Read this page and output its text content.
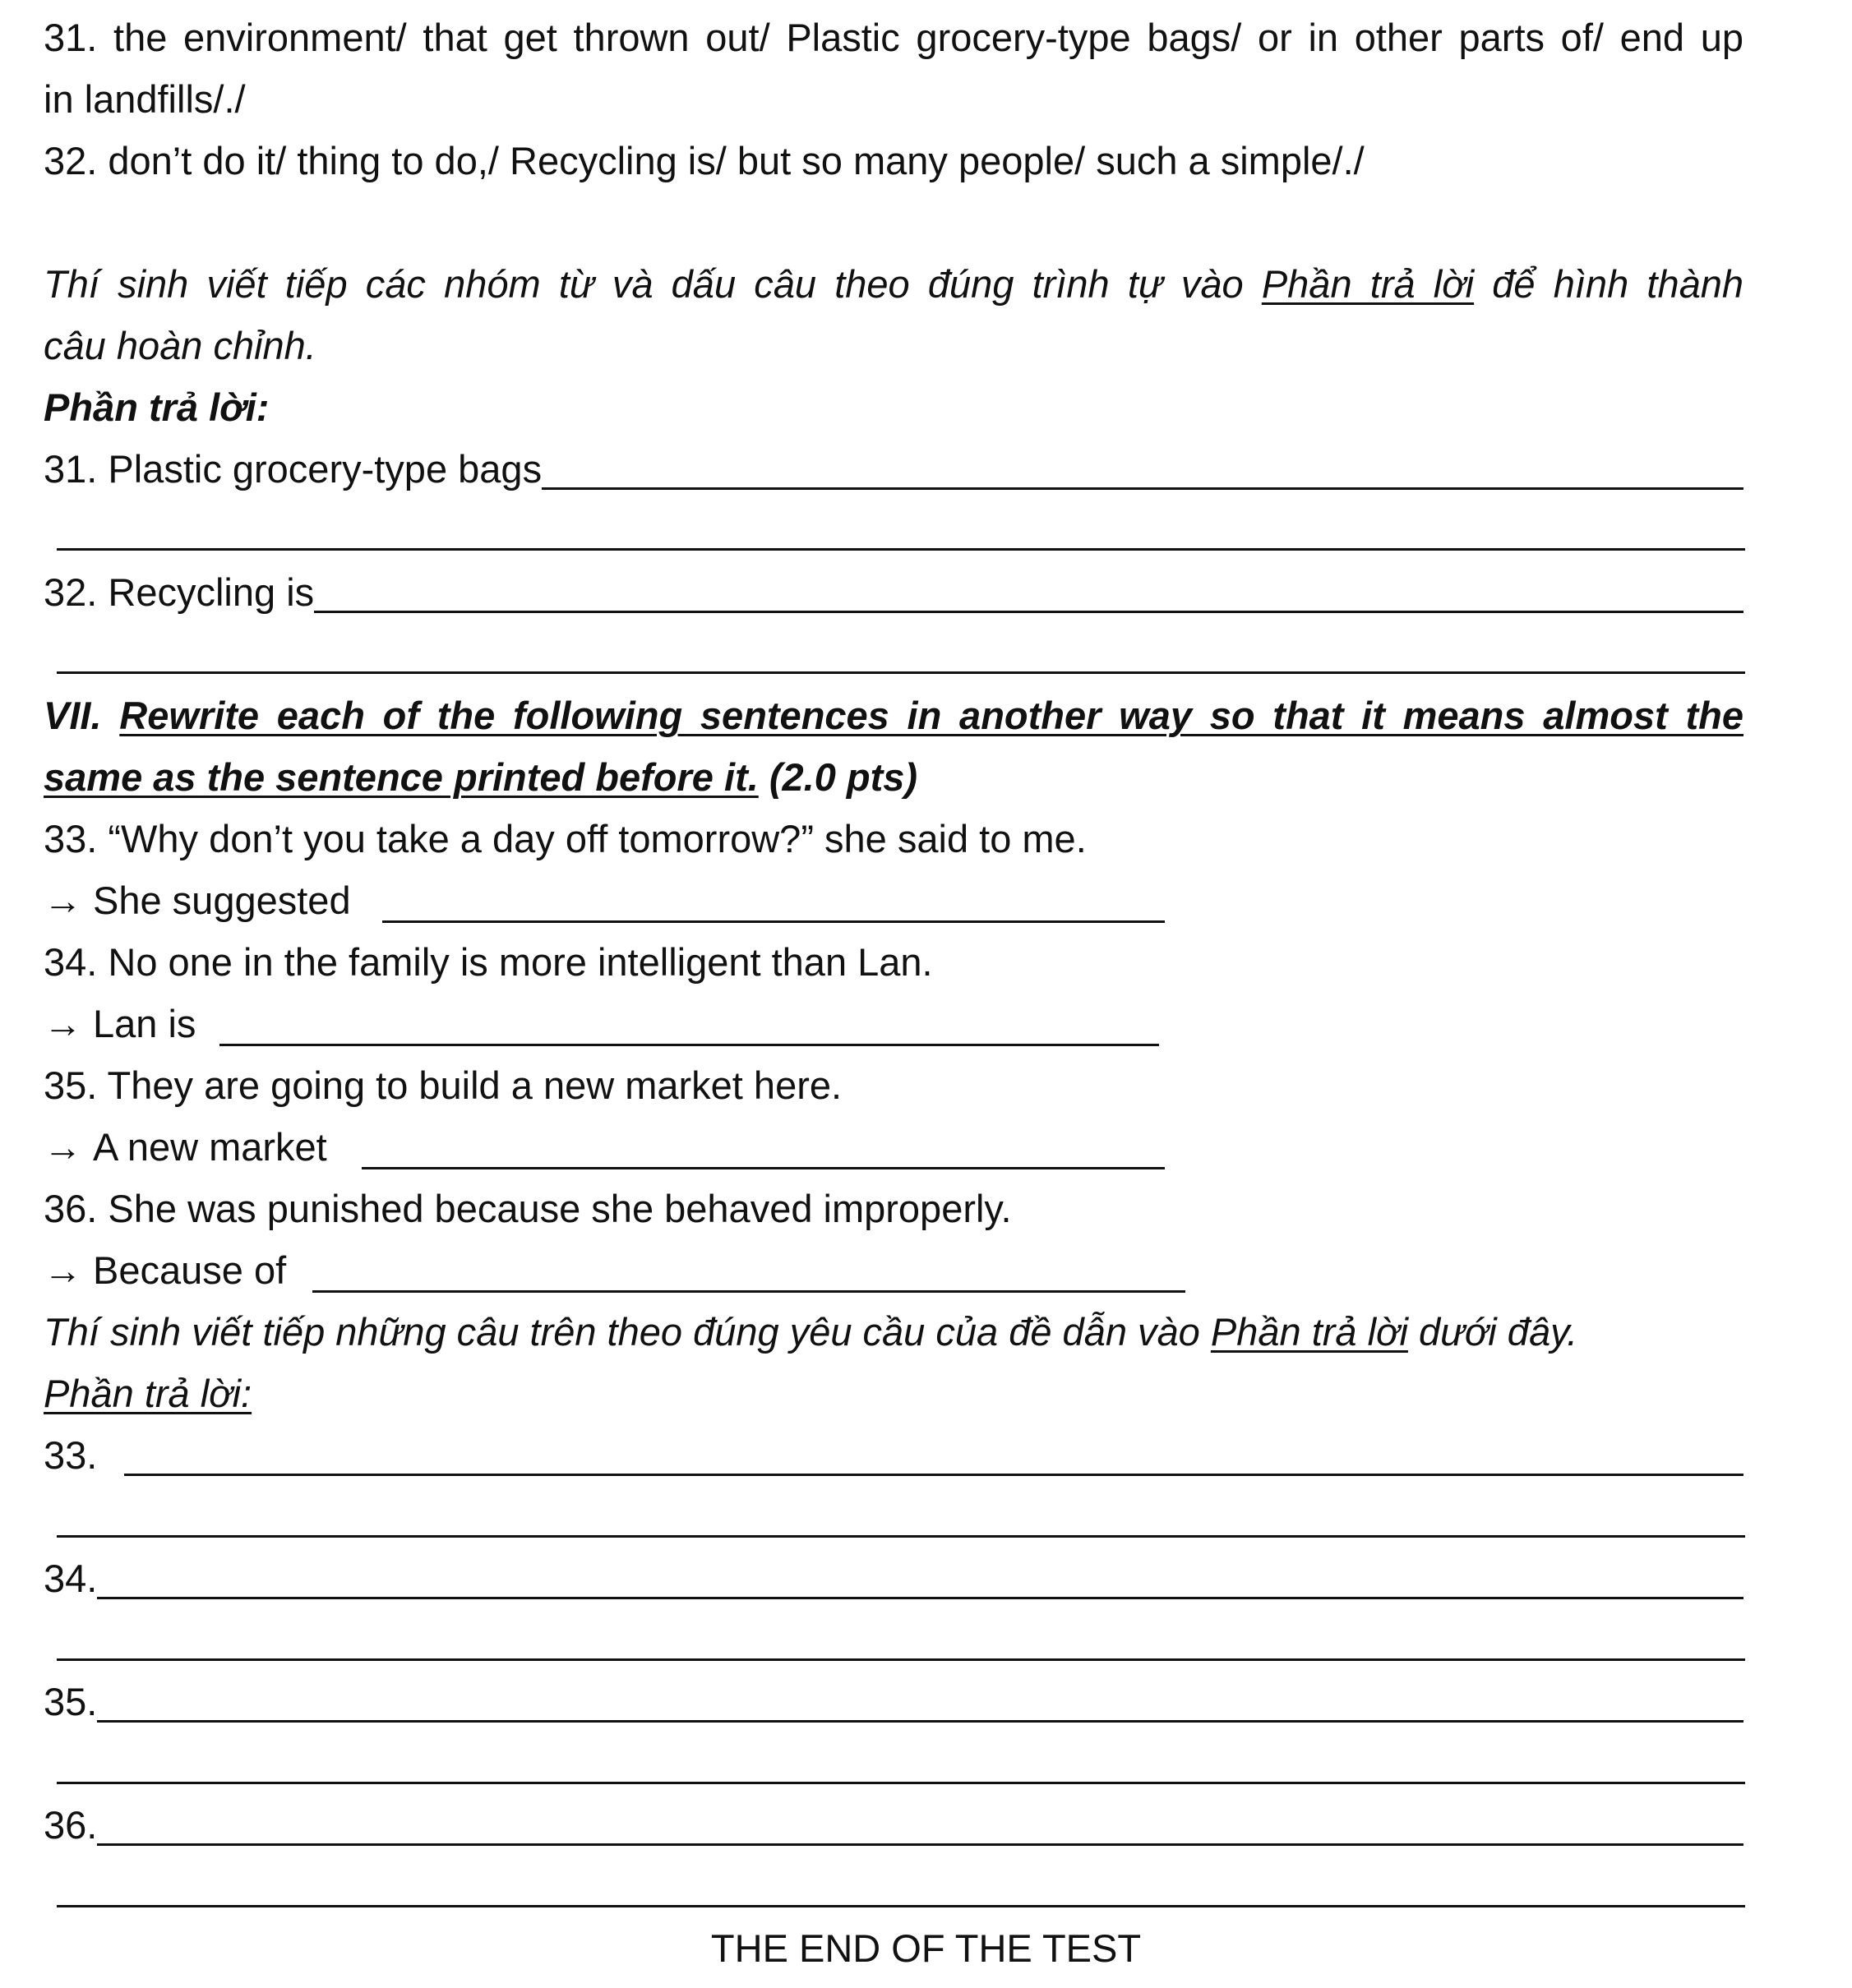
31. the environment/ that get thrown out/ Plastic grocery-type bags/ or in other parts of/ end up
in landfills/./
32. don’t do it/ thing to do,/ Recycling is/ but so many people/ such a simple/./
Thí sinh viết tiếp các nhóm từ và dấu câu theo đúng trình tự vào Phần trả lời để hình thành
câu hoàn chỉnh.
Phần trả lời:
31. Plastic grocery-type bags
32. Recycling is
VII. Rewrite each of the following sentences in another way so that it means almost the
same as the sentence printed before it. (2.0 pts)
33. “Why don’t you take a day off tomorrow?” she said to me.
→ She suggested
34. No one in the family is more intelligent than Lan.
→ Lan is
35. They are going to build a new market here.
→ A new market
36. She was punished because she behaved improperly.
→ Because of
Thí sinh viết tiếp những câu trên theo đúng yêu cầu của đề dẫn vào Phần trả lời dưới đây.
Phần trả lời:
33.
34.
35.
36.
THE END OF THE TEST
